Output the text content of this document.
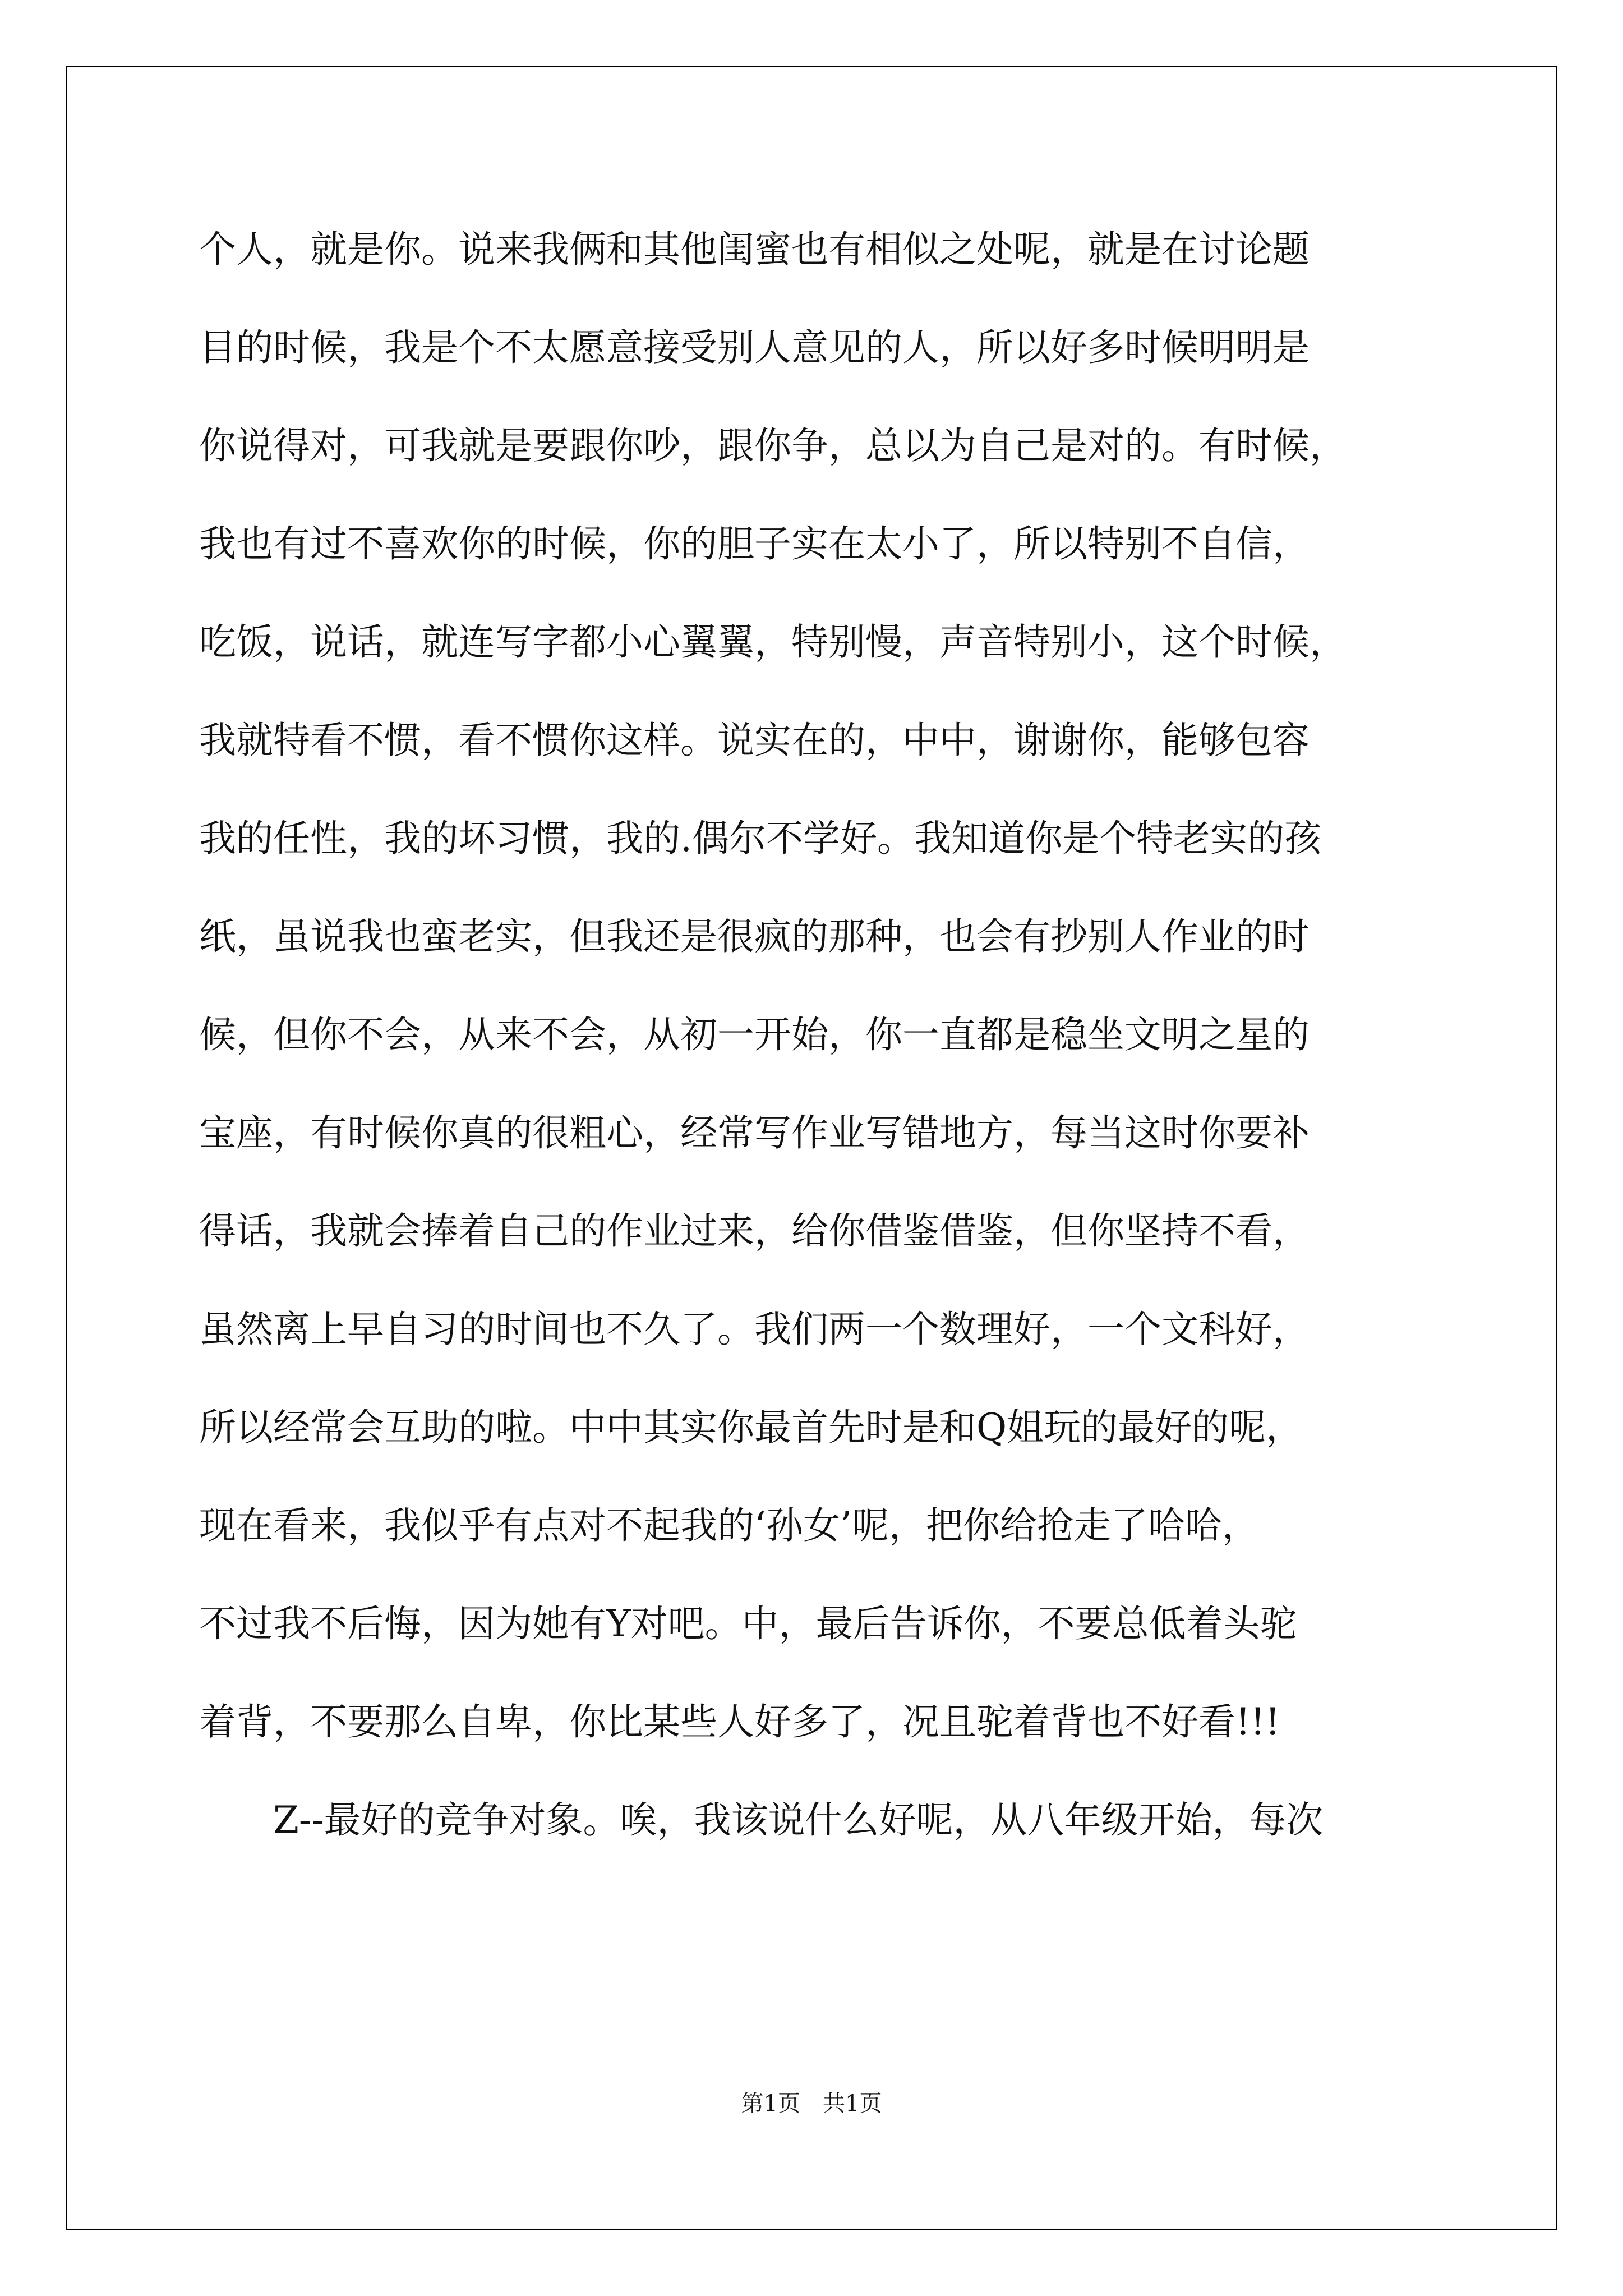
个人，就是你。说来我俩和其他闺蜜也有相似之处呢，就是在讨论题
目的时候，我是个不太愿意接受别人意见的人，所以好多时候明明是
你说得对，可我就是要跟你吵，跟你争，总以为自己是对的。有时候，
我也有过不喜欢你的时候，你的胆子实在太小了，所以特别不自信，
吃饭，说话，就连写字都小心翼翼，特别慢，声音特别小，这个时候，
我就特看不惯，看不惯你这样。说实在的，中中，谢谢你，能够包容
我的任性，我的坏习惯，我的.偶尔不学好。我知道你是个特老实的孩
纸，虽说我也蛮老实，但我还是很疯的那种，也会有抄别人作业的时
候，但你不会，从来不会，从初一开始，你一直都是稳坐文明之星的
宝座，有时候你真的很粗心，经常写作业写错地方，每当这时你要补
得话，我就会捧着自己的作业过来，给你借鉴借鉴，但你坚持不看，
虽然离上早自习的时间也不久了。我们两一个数理好，一个文科好，
所以经常会互助的啦。中中其实你最首先时是和Q姐玩的最好的呢，
现在看来，我似乎有点对不起我的‘孙女’呢，把你给抢走了哈哈，
不过我不后悔，因为她有Y对吧。中，最后告诉你，不要总低着头驼
着背，不要那么自卑，你比某些人好多了，况且驼着背也不好看!!!
Z--最好的竞争对象。唉，我该说什么好呢，从八年级开始，每次
第1页　共1页
